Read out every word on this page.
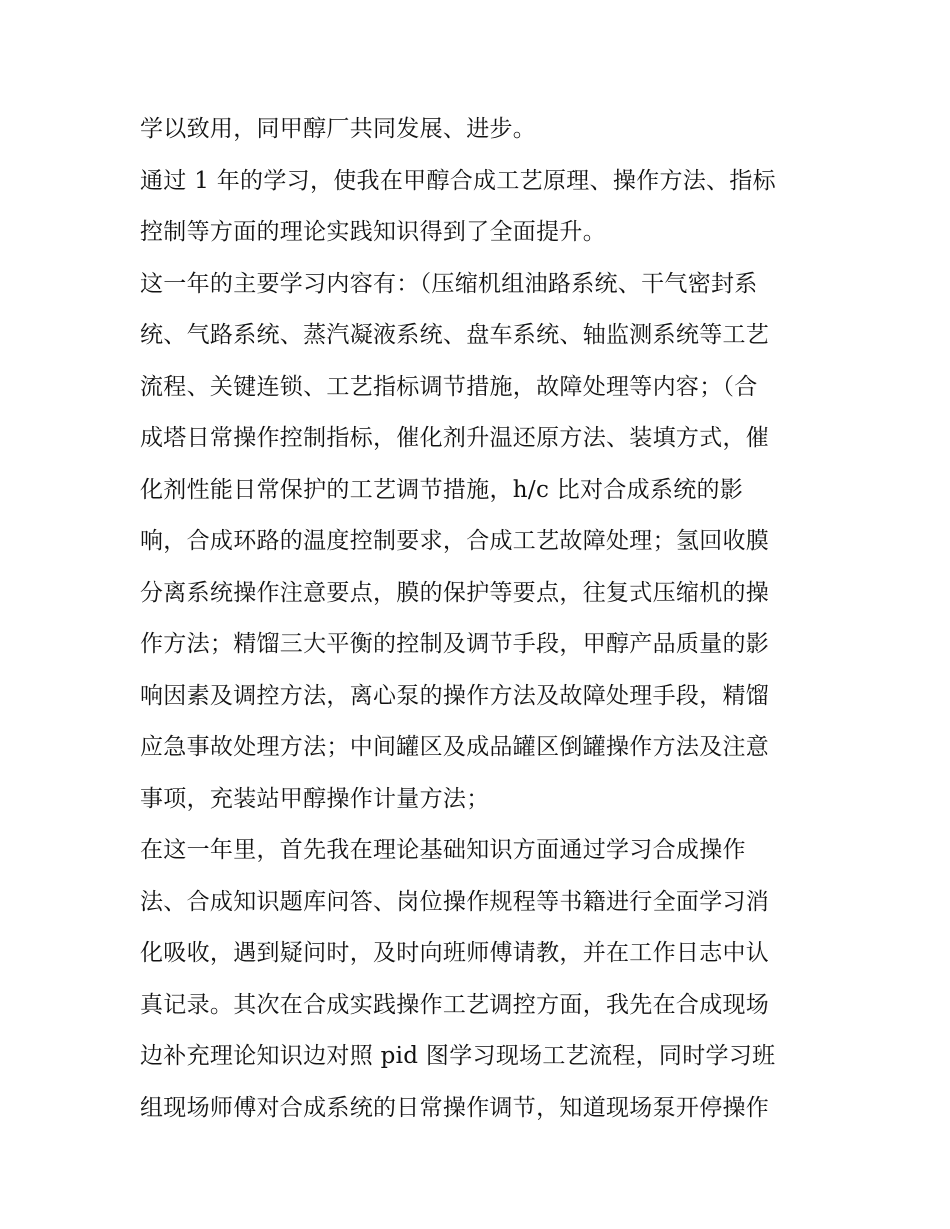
学以致用，同甲醇厂共同发展、进步。
通过 1 年的学习，使我在甲醇合成工艺原理、操作方法、指标
控制等方面的理论实践知识得到了全面提升。
这一年的主要学习内容有：（压缩机组油路系统、干气密封系
统、气路系统、蒸汽凝液系统、盘车系统、轴监测系统等工艺
流程、关键连锁、工艺指标调节措施，故障处理等内容；（合
成塔日常操作控制指标，催化剂升温还原方法、装填方式，催
化剂性能日常保护的工艺调节措施，h/c 比对合成系统的影
响，合成环路的温度控制要求，合成工艺故障处理；氢回收膜
分离系统操作注意要点，膜的保护等要点，往复式压缩机的操
作方法；精馏三大平衡的控制及调节手段，甲醇产品质量的影
响因素及调控方法，离心泵的操作方法及故障处理手段，精馏
应急事故处理方法；中间罐区及成品罐区倒罐操作方法及注意
事项，充装站甲醇操作计量方法；
在这一年里，首先我在理论基础知识方面通过学习合成操作
法、合成知识题库问答、岗位操作规程等书籍进行全面学习消
化吸收，遇到疑问时，及时向班师傅请教，并在工作日志中认
真记录。其次在合成实践操作工艺调控方面，我先在合成现场
边补充理论知识边对照 pid 图学习现场工艺流程，同时学习班
组现场师傅对合成系统的日常操作调节，知道现场泵开停操作
